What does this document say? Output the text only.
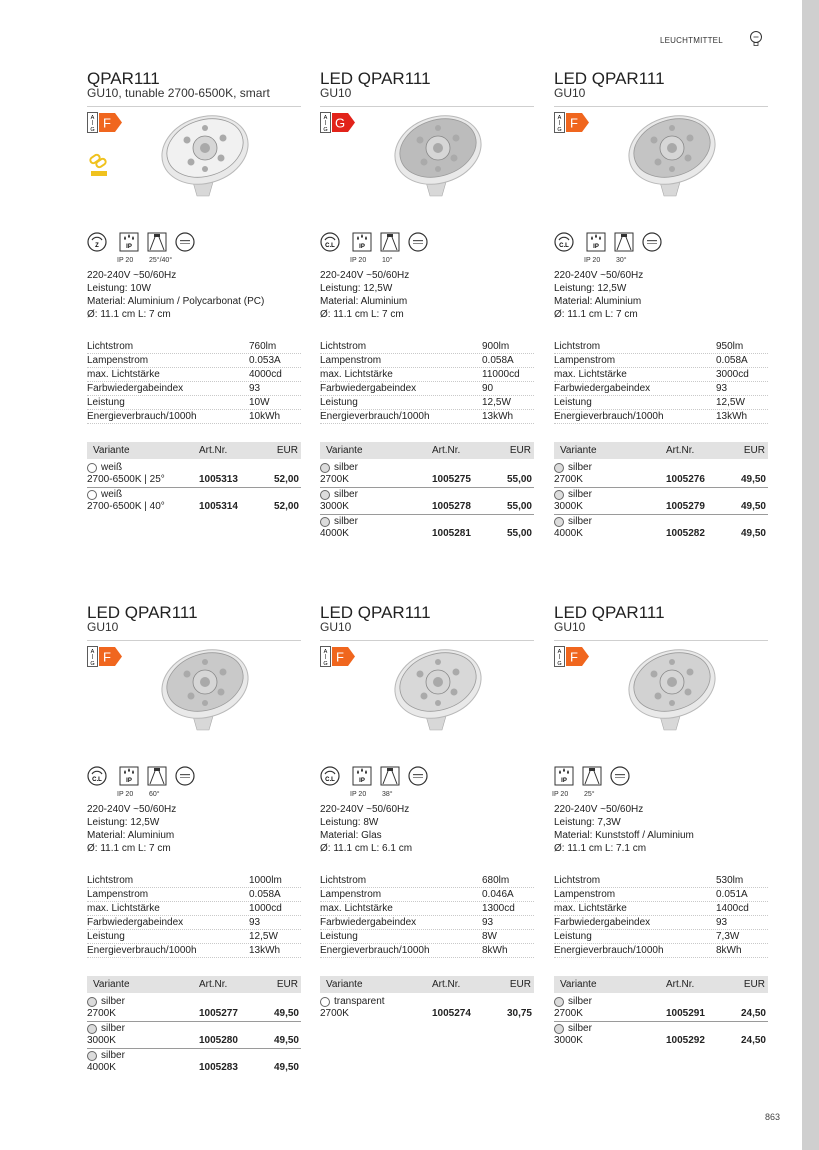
LEUCHTMITTEL
863
QPAR111
GU10, tunable 2700-6500K, smart
A
G F
Z	IP
IP 20 25°/40°
220-240V ~50/60Hz
Leistung: 10W
Material: Aluminium / Polycarbonat (PC)
Ø: 11.1 cm L: 7 cm
Lichtstrom	760lm
Lampenstrom	0.053A
max. Lichtstärke	4000cd
Farbwiedergabeindex	93
Leistung	10W
Energieverbrauch/1000h	10kWh
Variante	Art.Nr.	EUR
weiß
2700-6500K | 25°	1005313	52,00
weiß
2700-6500K | 40°	1005314	52,00
LED QPAR111
GU10
A
G G
C.L	IP
IP 20 10°
220-240V ~50/60Hz
Leistung: 12,5W
Material: Aluminium
Ø: 11.1 cm L: 7 cm
Lichtstrom	900lm
Lampenstrom	0.058A
max. Lichtstärke	11000cd
Farbwiedergabeindex	90
Leistung	12,5W
Energieverbrauch/1000h	13kWh
Variante	Art.Nr.	EUR
silber
2700K	1005275	55,00
silber
3000K	1005278	55,00
silber
4000K	1005281	55,00
LED QPAR111
GU10
A
G F
C.L	IP
IP 20 30°
220-240V ~50/60Hz
Leistung: 12,5W
Material: Aluminium
Ø: 11.1 cm L: 7 cm
Lichtstrom	950lm
Lampenstrom	0.058A
max. Lichtstärke	3000cd
Farbwiedergabeindex	93
Leistung	12,5W
Energieverbrauch/1000h	13kWh
Variante	Art.Nr.	EUR
silber
2700K	1005276	49,50
silber
3000K	1005279	49,50
silber
4000K	1005282	49,50
LED QPAR111
GU10
A
G F
C.L	IP
IP 20 60°
220-240V ~50/60Hz
Leistung: 12,5W
Material: Aluminium
Ø: 11.1 cm L: 7 cm
Lichtstrom	1000lm
Lampenstrom	0.058A
max. Lichtstärke	1000cd
Farbwiedergabeindex	93
Leistung	12,5W
Energieverbrauch/1000h	13kWh
Variante	Art.Nr.	EUR
silber
2700K	1005277	49,50
silber
3000K	1005280	49,50
silber
4000K	1005283	49,50
LED QPAR111
GU10
A
G F
C.L	IP
IP 20 38°
220-240V ~50/60Hz
Leistung: 8W
Material: Glas
Ø: 11.1 cm L: 6.1 cm
Lichtstrom	680lm
Lampenstrom	0.046A
max. Lichtstärke	1300cd
Farbwiedergabeindex	93
Leistung	8W
Energieverbrauch/1000h	8kWh
Variante	Art.Nr.	EUR
transparent
2700K	1005274	30,75
LED QPAR111
GU10
A
G F
IP
IP 20 25°
220-240V ~50/60Hz
Leistung: 7,3W
Material: Kunststoff / Aluminium
Ø: 11.1 cm L: 7.1 cm
Lichtstrom	530lm
Lampenstrom	0.051A
max. Lichtstärke	1400cd
Farbwiedergabeindex	93
Leistung	7,3W
Energieverbrauch/1000h	8kWh
Variante	Art.Nr.	EUR
silber
2700K	1005291	24,50
silber
3000K	1005292	24,50
